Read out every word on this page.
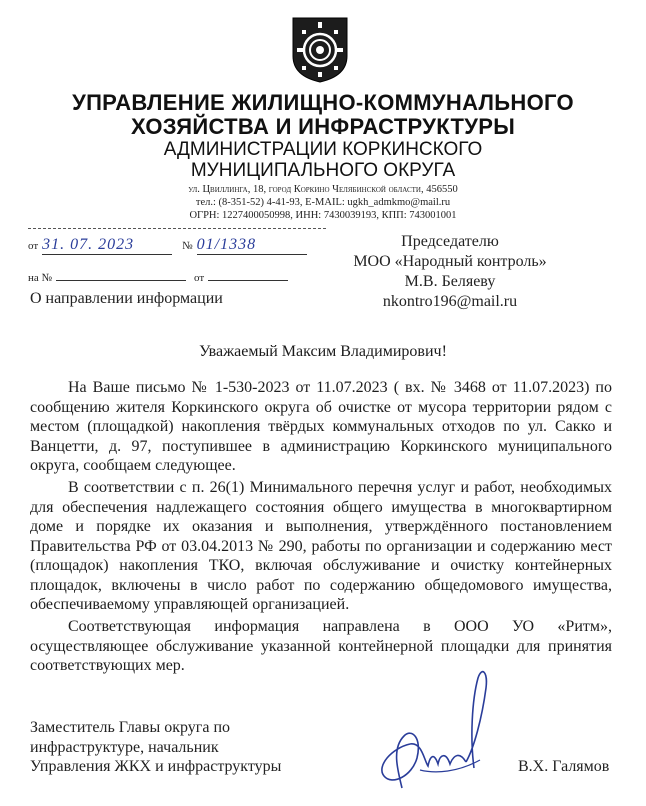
УПРАВЛЕНИЕ ЖИЛИЩНО-КОММУНАЛЬНОГО
ХОЗЯЙСТВА И ИНФРАСТРУКТУРЫ
АДМИНИСТРАЦИИ КОРКИНСКОГО
МУНИЦИПАЛЬНОГО ОКРУГА
ул. Цвиллинга, 18, город Коркино Челябинской области, 456550
тел.: (8-351-52) 4-41-93, E-MAIL: ugkh_admkmo@mail.ru
ОГРН: 1227400050998, ИНН: 7430039193, КПП: 743001001
от 31. 07. 2023	№ 01/1338
на №	от
О направлении информации
Председателю
МОО «Народный контроль»
М.В. Беляеву
nkontro196@mail.ru
Уважаемый Максим Владимирович!

На Ваше письмо № 1-530-2023 от 11.07.2023 ( вх. № 3468 от 11.07.2023) по сообщению жителя Коркинского округа об очистке от мусора территории рядом с местом (площадкой) накопления твёрдых коммунальных отходов по ул. Сакко и Ванцетти, д. 97, поступившее в администрацию Коркинского муниципального округа, сообщаем следующее.

В соответствии с п. 26(1) Минимального перечня услуг и работ, необходимых для обеспечения надлежащего состояния общего имущества в многоквартирном доме и порядке их оказания и выполнения, утверждённого постановлением Правительства РФ от 03.04.2013 № 290, работы по организации и содержанию мест (площадок) накопления ТКО, включая обслуживание и очистку контейнерных площадок, включены в число работ по содержанию общедомового имущества, обеспечиваемому управляющей организацией.

Соответствующая информация направлена в ООО УО «Ритм», осуществляющее обслуживание указанной контейнерной площадки для принятия соответствующих мер.

Заместитель Главы округа по
инфраструктуре, начальник
Управления ЖКХ и инфраструктуры	В.Х. Галямов
